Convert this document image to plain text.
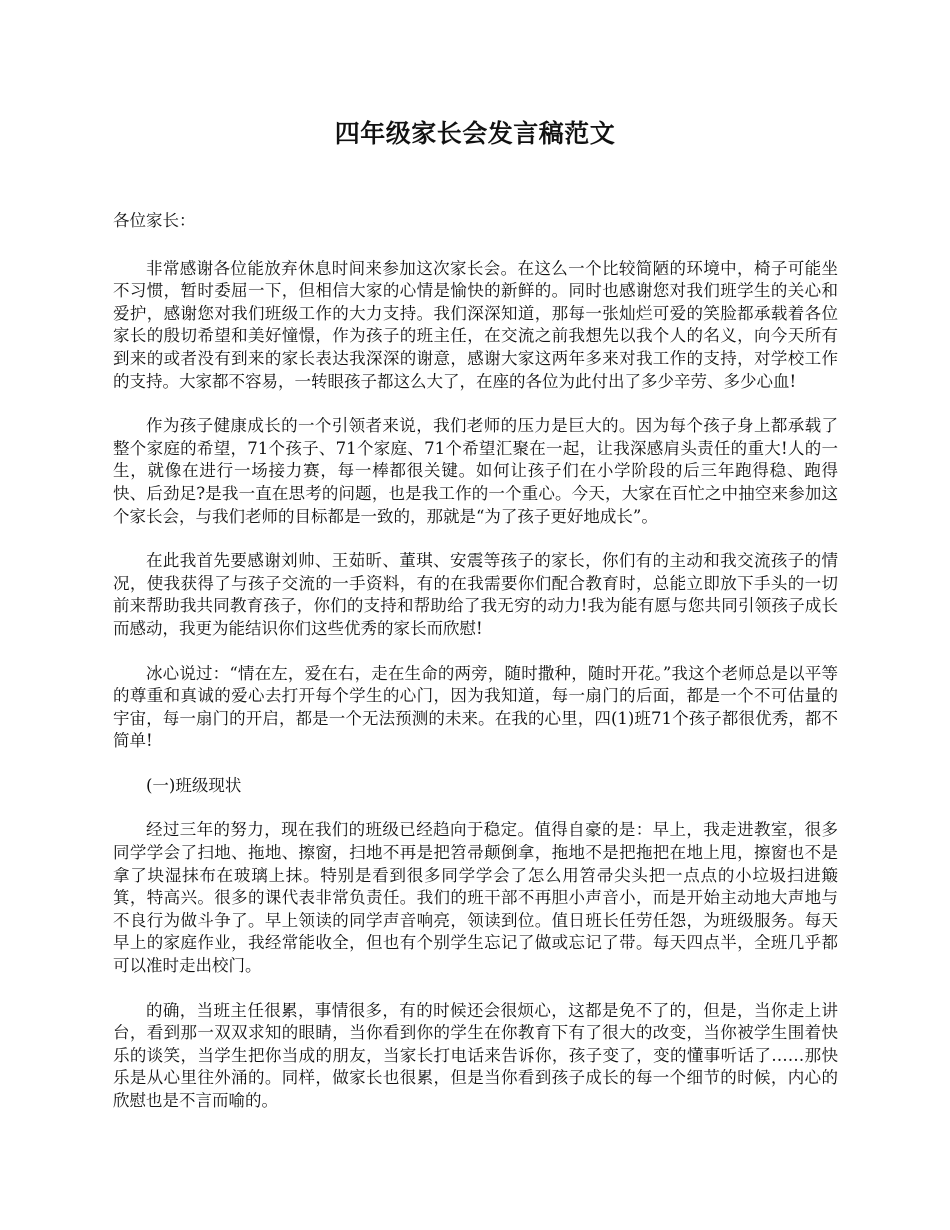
四年级家长会发言稿范文

各位家长：

非常感谢各位能放弃休息时间来参加这次家长会。在这么一个比较简陋的环境中，椅子可能坐不习惯，暂时委屈一下，但相信大家的心情是愉快的新鲜的。同时也感谢您对我们班学生的关心和爱护，感谢您对我们班级工作的大力支持。我们深深知道，那每一张灿烂可爱的笑脸都承载着各位家长的殷切希望和美好憧憬，作为孩子的班主任，在交流之前我想先以我个人的名义，向今天所有到来的或者没有到来的家长表达我深深的谢意，感谢大家这两年多来对我工作的支持，对学校工作的支持。大家都不容易，一转眼孩子都这么大了，在座的各位为此付出了多少辛劳、多少心血!

作为孩子健康成长的一个引领者来说，我们老师的压力是巨大的。因为每个孩子身上都承载了整个家庭的希望，71个孩子、71个家庭、71个希望汇聚在一起，让我深感肩头责任的重大!人的一生，就像在进行一场接力赛，每一棒都很关键。如何让孩子们在小学阶段的后三年跑得稳、跑得快、后劲足?是我一直在思考的问题，也是我工作的一个重心。今天，大家在百忙之中抽空来参加这个家长会，与我们老师的目标都是一致的，那就是“为了孩子更好地成长”。

在此我首先要感谢刘帅、王茹昕、董琪、安震等孩子的家长，你们有的主动和我交流孩子的情况，使我获得了与孩子交流的一手资料，有的在我需要你们配合教育时，总能立即放下手头的一切前来帮助我共同教育孩子，你们的支持和帮助给了我无穷的动力!我为能有愿与您共同引领孩子成长而感动，我更为能结识你们这些优秀的家长而欣慰!

冰心说过：“情在左，爱在右，走在生命的两旁，随时撒种，随时开花。”我这个老师总是以平等的尊重和真诚的爱心去打开每个学生的心门，因为我知道，每一扇门的后面，都是一个不可估量的宇宙，每一扇门的开启，都是一个无法预测的未来。在我的心里，四(1)班71个孩子都很优秀，都不简单!

(一)班级现状

经过三年的努力，现在我们的班级已经趋向于稳定。值得自豪的是：早上，我走进教室，很多同学学会了扫地、拖地、擦窗，扫地不再是把笤帚颠倒拿，拖地不是把拖把在地上甩，擦窗也不是拿了块湿抹布在玻璃上抹。特别是看到很多同学学会了怎么用笤帚尖头把一点点的小垃圾扫进簸箕，特高兴。很多的课代表非常负责任。我们的班干部不再胆小声音小，而是开始主动地大声地与不良行为做斗争了。早上领读的同学声音响亮，领读到位。值日班长任劳任怨，为班级服务。每天早上的家庭作业，我经常能收全，但也有个别学生忘记了做或忘记了带。每天四点半，全班几乎都可以准时走出校门。

的确，当班主任很累，事情很多，有的时候还会很烦心，这都是免不了的，但是，当你走上讲台，看到那一双双求知的眼睛，当你看到你的学生在你教育下有了很大的改变，当你被学生围着快乐的谈笑，当学生把你当成的朋友，当家长打电话来告诉你，孩子变了，变的懂事听话了……那快乐是从心里往外涌的。同样，做家长也很累，但是当你看到孩子成长的每一个细节的时候，内心的欣慰也是不言而喻的。
